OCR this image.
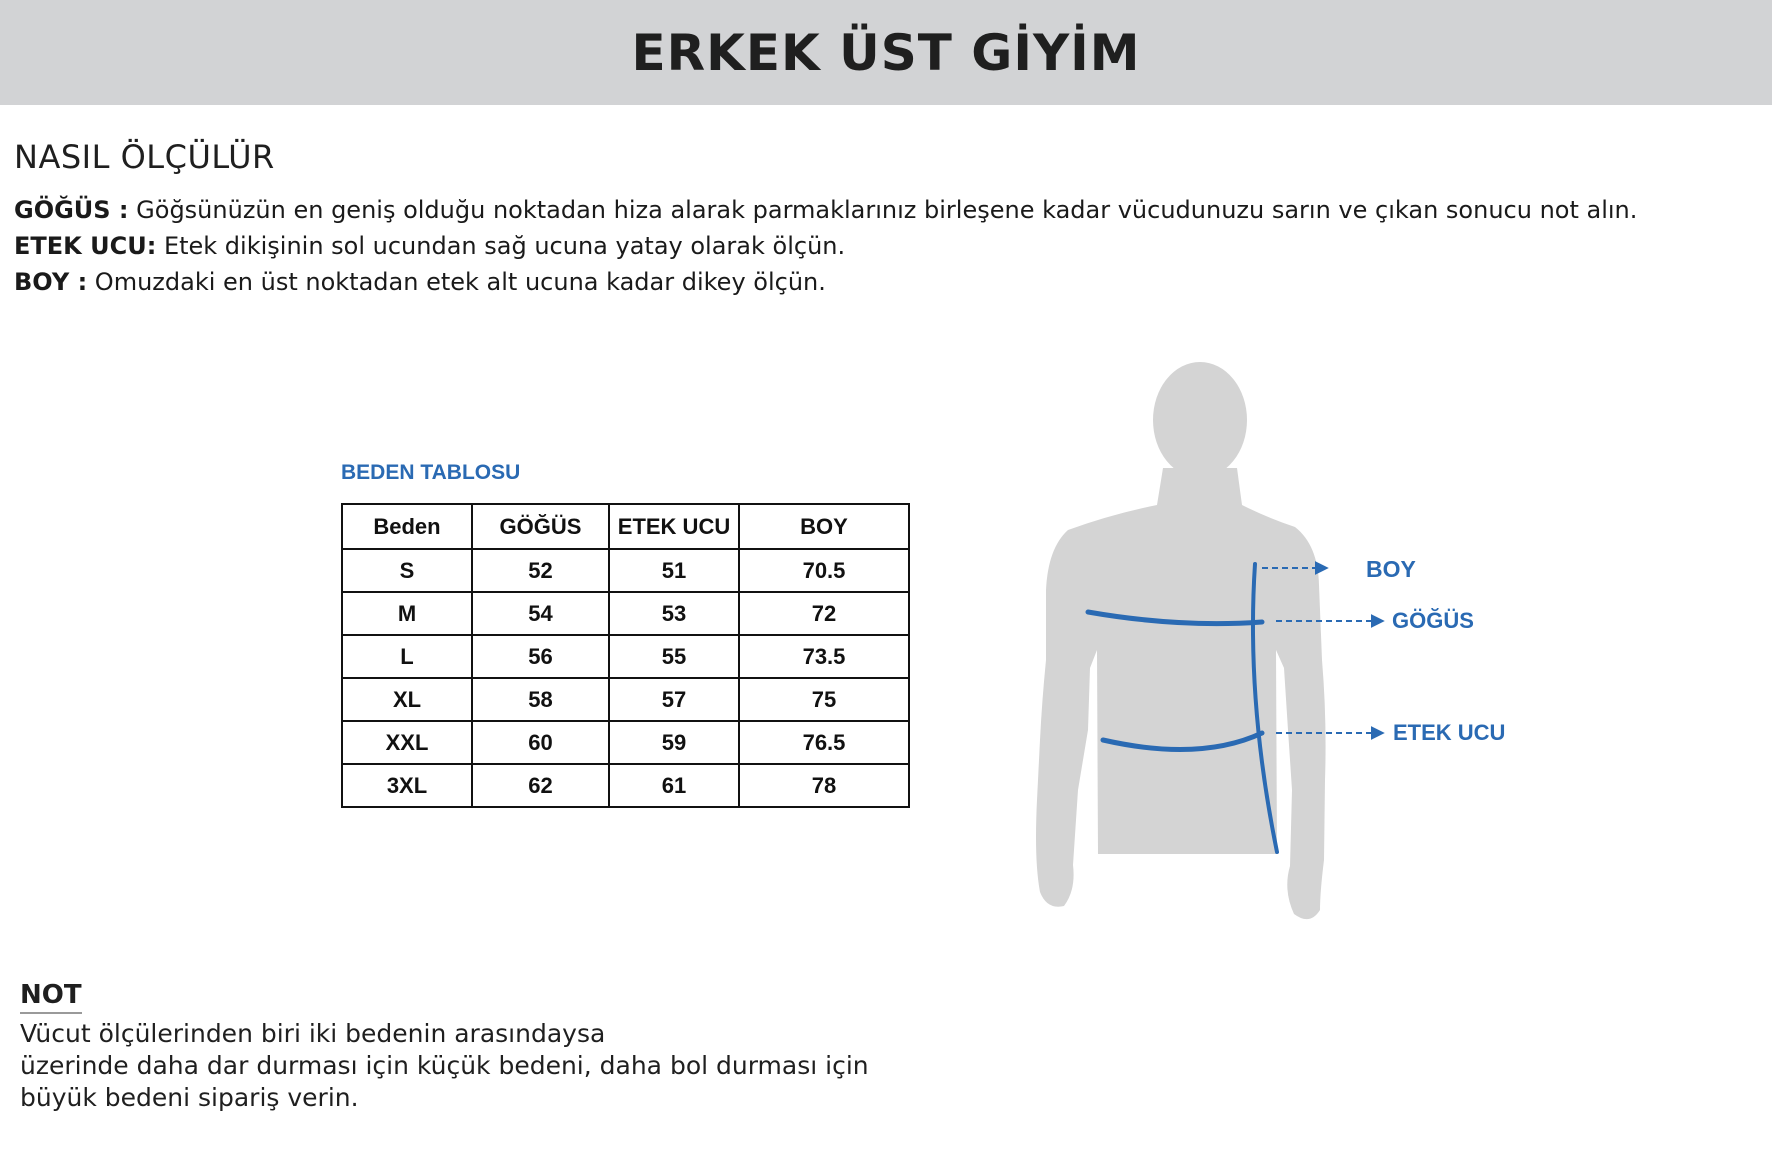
ERKEK ÜST GİYİM
NASIL ÖLÇÜLÜR
GÖĞÜS : Göğsünüzün en geniş olduğu noktadan hiza alarak parmaklarınız birleşene kadar vücudunuzu sarın ve çıkan sonucu not alın.
ETEK UCU: Etek dikişinin sol ucundan sağ ucuna yatay olarak ölçün.
BOY : Omuzdaki en üst noktadan etek alt ucuna kadar dikey ölçün.
BEDEN TABLOSU
Beden	GÖĞÜS	ETEK UCU	BOY
S	52	51	70.5
M	54	53	72
L	56	55	73.5
XL	58	57	75
XXL	60	59	76.5
3XL	62	61	78
BOY
GÖĞÜS
ETEK UCU
NOT
Vücut ölçülerinden biri iki bedenin arasındaysa
üzerinde daha dar durması için küçük bedeni, daha bol durması için
büyük bedeni sipariş verin.
